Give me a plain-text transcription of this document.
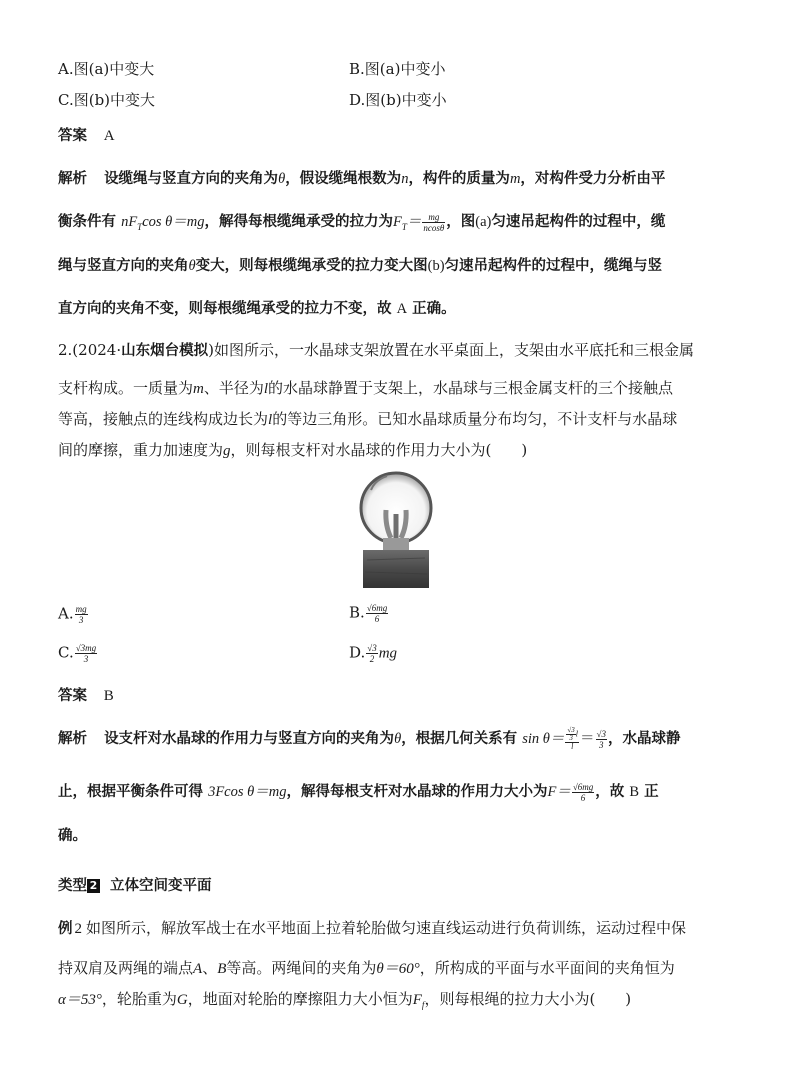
A.图(a)中变大	B.图(a)中变小
C.图(b)中变大	D.图(b)中变小
答案 A
解析 设缆绳与竖直方向的夹角为θ，假设缆绳根数为n，构件的质量为m，对构件受力分析由平
衡条件有 $nF_T\cos$ θ＝mg，解得每根缆绳承受的拉力为$F_T= \frac{mg}{ncos\theta}$ ，图(a)匀速吊起构件的过程中，缆
绳与竖直方向的夹角θ变大，则每根缆绳承受的拉力变大图(b)匀速吊起构件的过程中，缆绳与竖
直方向的夹角不变，则每根缆绳承受的拉力不变，故 A 正确。
2.(2024·山东烟台模拟)如图所示，一水晶球支架放置在水平桌面上，支架由水平底托和三根金属
支杆构成。一质量为m、半径为l的水晶球静置于支架上，水晶球与三根金属支杆的三个接触点
等高，接触点的连线构成边长为l的等边三角形。已知水晶球质量分布均匀，不计支杆与水晶球
间的摩擦，重力加速度为g，则每根支杆对水晶球的作用力大小为(　　)
A. $\frac{mg}{3}$	B. $\frac{√6mg}{6}$
C. $\frac{√3mg}{3}$	D. $\frac{√3}{2}$ mg
答案 B
解析 设支杆对水晶球的作用力与竖直方向的夹角为θ，根据几何关系有 $\sin \theta= \frac{\frac{√3}{3} l}{l} = \frac{√3}{3}$ ，水晶球静
止，根据平衡条件可得 3Fcos θ＝mg，解得每根支杆对水晶球的作用力大小为$F= \frac{√6mg}{6}$ ，故 B 正
确。
类型 2 立体空间变平面
例 2 如图所示，解放军战士在水平地面上拉着轮胎做匀速直线运动进行负荷训练，运动过程中保
持双肩及两绳的端点A、B等高。两绳间的夹角为θ＝60°，所构成的平面与水平面间的夹角恒为
α＝53°，轮胎重为G，地面对轮胎的摩擦阻力大小恒为$F_f$，则每根绳的拉力大小为(　　)
